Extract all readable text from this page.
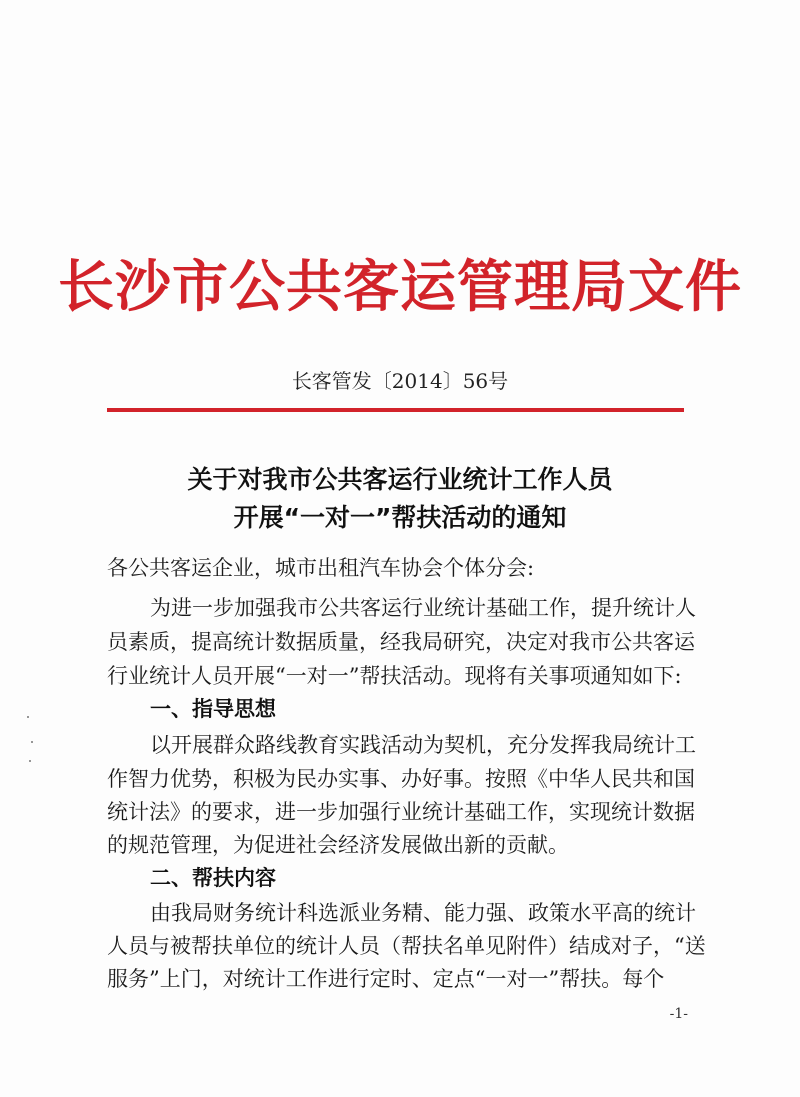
长沙市公共客运管理局文件
长客管发〔2014〕56号
关于对我市公共客运行业统计工作人员
开展“一对一”帮扶活动的通知
各公共客运企业，城市出租汽车协会个体分会:
为进一步加强我市公共客运行业统计基础工作，提升统计人
员素质，提高统计数据质量，经我局研究，决定对我市公共客运
行业统计人员开展“一对一”帮扶活动。现将有关事项通知如下:
一、指导思想
以开展群众路线教育实践活动为契机，充分发挥我局统计工
作智力优势，积极为民办实事、办好事。按照《中华人民共和国
统计法》的要求，进一步加强行业统计基础工作，实现统计数据
的规范管理，为促进社会经济发展做出新的贡献。
二、帮扶内容
由我局财务统计科选派业务精、能力强、政策水平高的统计
人员与被帮扶单位的统计人员（帮扶名单见附件）结成对子，“送
服务”上门，对统计工作进行定时、定点“一对一”帮扶。每个
-1-
